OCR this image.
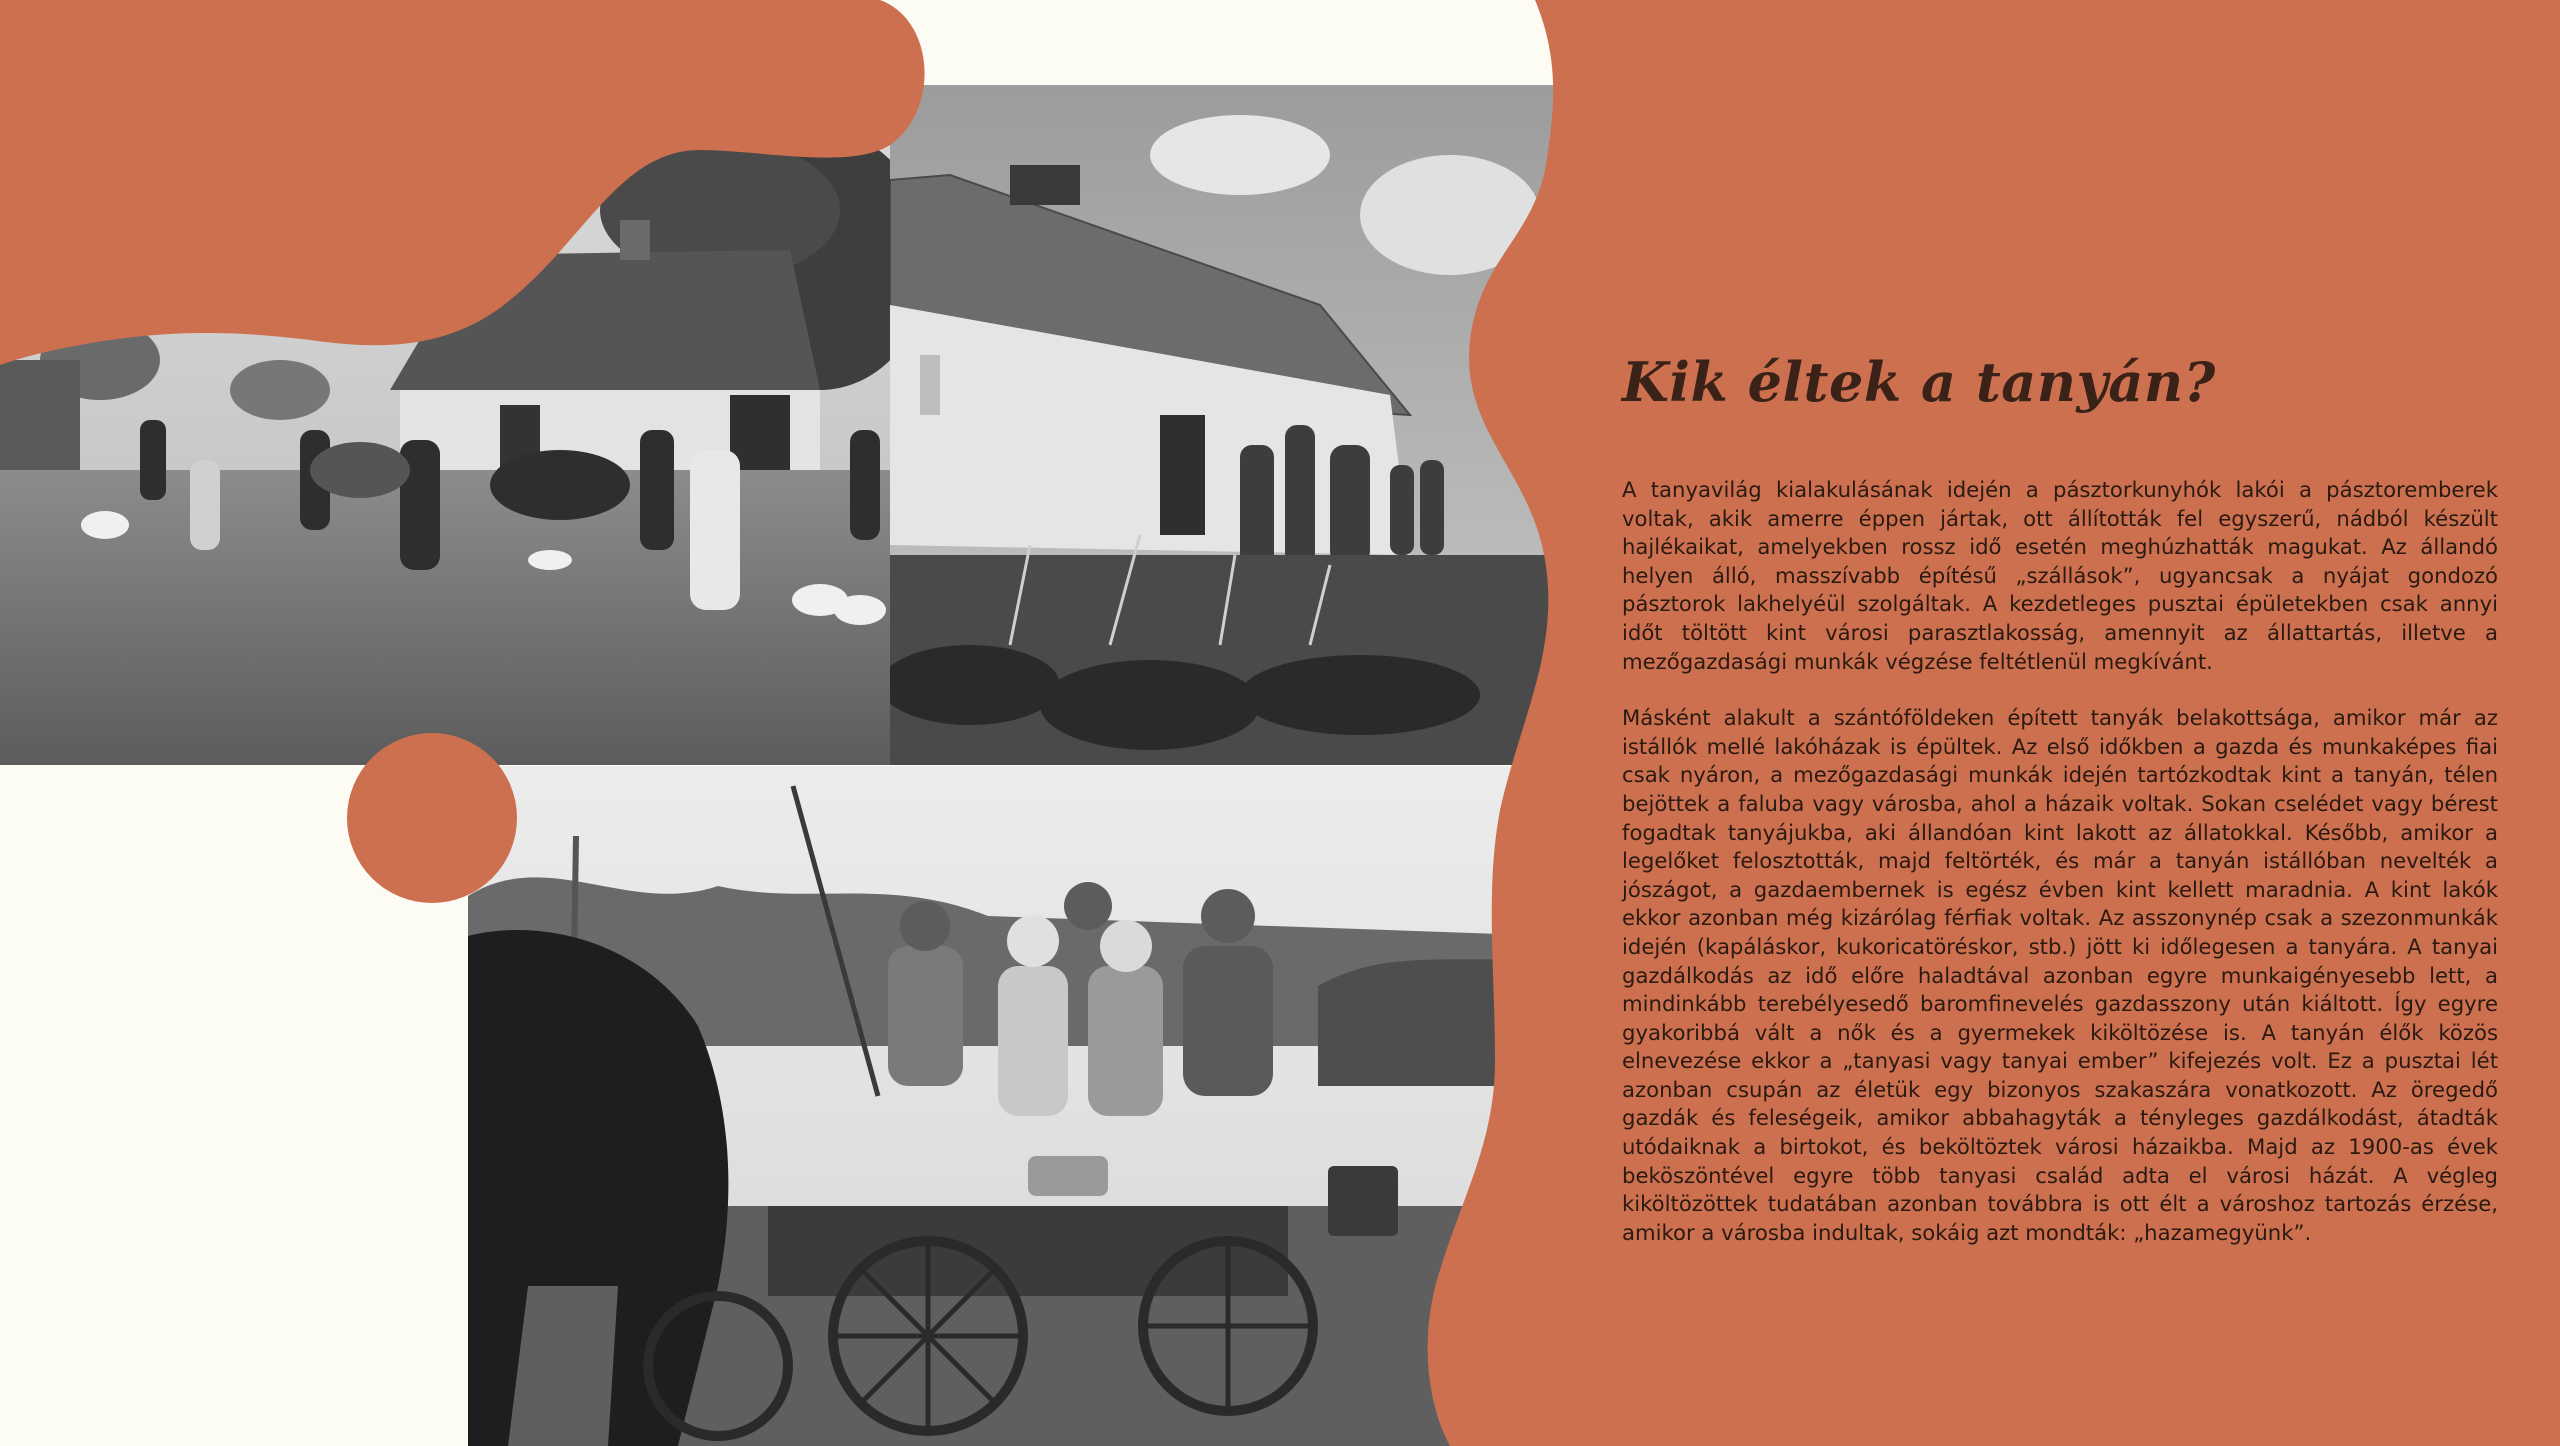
Kik éltek a tanyán?

A tanyavilág kialakulásának idején a pásztorkunyhók lakói a pásztoremberek voltak, akik amerre éppen jártak, ott állították fel egyszerű, nádból készült hajlékaikat, amelyekben rossz idő esetén meghúzhatták magukat. Az állandó helyen álló, masszívabb építésű „szállások”, ugyancsak a nyájat gondozó pásztorok lakhelyéül szolgáltak. A kezdetleges pusztai épületekben csak annyi időt töltött kint városi parasztlakosság, amennyit az állattartás, illetve a mezőgazdasági munkák végzése feltétlenül megkívánt.

Másként alakult a szántóföldeken épített tanyák belakottsága, amikor már az istállók mellé lakóházak is épültek. Az első időkben a gazda és munkaképes fiai csak nyáron, a mezőgazdasági munkák idején tartózkodtak kint a tanyán, télen bejöttek a faluba vagy városba, ahol a házaik voltak. Sokan cselédet vagy bérest fogadtak tanyájukba, aki állandóan kint lakott az állatokkal. Később, amikor a legelőket felosztották, majd feltörték, és már a tanyán istállóban nevelték a jószágot, a gazdaembernek is egész évben kint kellett maradnia. A kint lakók ekkor azonban még kizárólag férfiak voltak. Az asszonynép csak a szezonmunkák idején (kapáláskor, kukoricatöréskor, stb.) jött ki időlegesen a tanyára. A tanyai gazdálkodás az idő előre haladtával azonban egyre munkaigényesebb lett, a mindinkább terebélyesedő baromfinevelés gazdasszony után kiáltott. Így egyre gyakoribbá vált a nők és a gyermekek kiköltözése is. A tanyán élők közös elnevezése ekkor a „tanyasi vagy tanyai ember” kifejezés volt. Ez a pusztai lét azonban csupán az életük egy bizonyos szakaszára vonatkozott. Az öregedő gazdák és feleségeik, amikor abbahagyták a tényleges gazdálkodást, átadták utódaiknak a birtokot, és beköltöztek városi házaikba. Majd az 1900-as évek beköszöntével egyre több tanyasi család adta el városi házát. A végleg kiköltözöttek tudatában azonban továbbra is ott élt a városhoz tartozás érzése, amikor a városba indultak, sokáig azt mondták: „hazamegyünk”.
